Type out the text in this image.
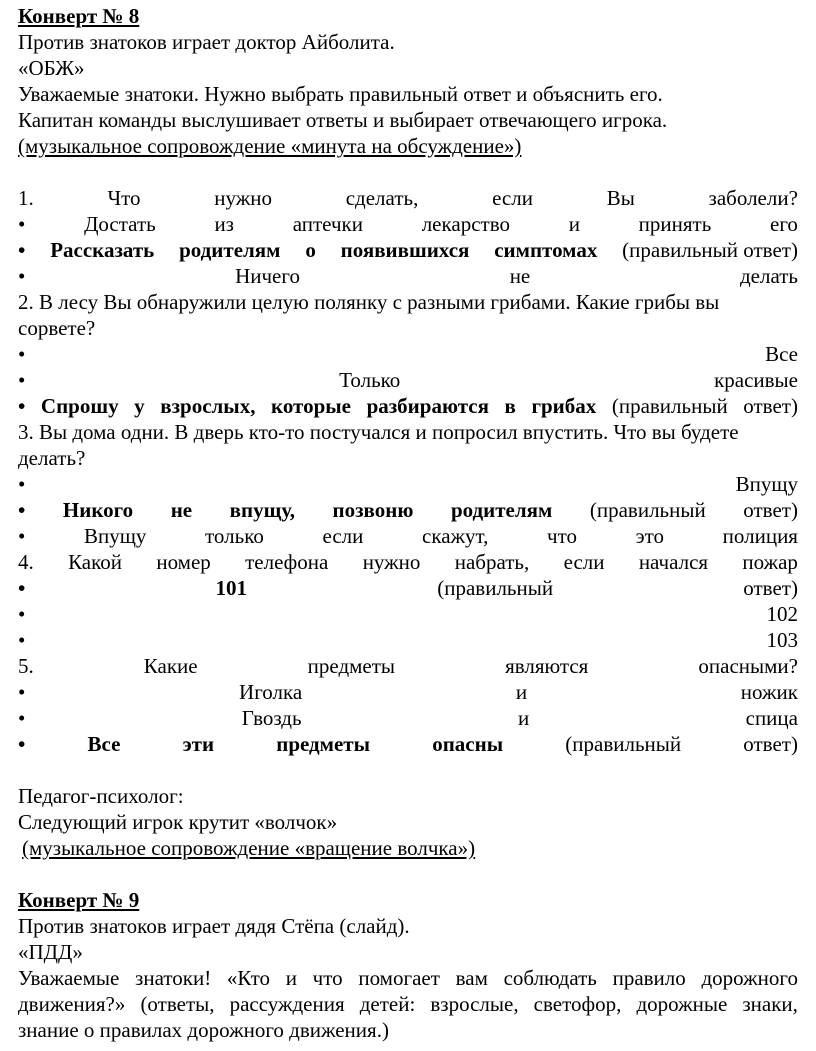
Конверт № 8
Против знатоков играет доктор Айболита.
«ОБЖ»
Уважаемые знатоки. Нужно выбрать правильный ответ и объяснить его.
Капитан команды выслушивает ответы и выбирает отвечающего игрока.
(музыкальное сопровождение «минута на обсуждение»)
1.	Что	нужно	сделать,	если	Вы	заболели?
•	Достать	из	аптечки	лекарство	и	принять	его
• Рассказать родителям о появившихся симптомах (правильный ответ)
•	Ничего	не	делать
2. В лесу Вы обнаружили целую полянку с разными грибами. Какие грибы вы
сорвете?
•	Все
•	Только	красивые
• Спрошу у взрослых, которые разбираются в грибах (правильный ответ)
3. Вы дома одни. В дверь кто-то постучался и попросил впустить. Что вы будете
делать?
•	Впущу
• Никого не впущу, позвоню родителям (правильный ответ)
•	Впущу	только	если	скажут,	что	это	полиция
4. Какой номер телефона нужно набрать, если начался пожар
•	101	(правильный	ответ)
•	102
•	103
5.	Какие	предметы	являются	опасными?
•	Иголка	и	ножик
•	Гвоздь	и	спица
•	Все	эти	предметы	опасны	(правильный	ответ)
Педагог-психолог:
Следующий игрок крутит «волчок»
(музыкальное сопровождение «вращение волчка»)
Конверт № 9
Против знатоков играет дядя Стёпа (слайд).
«ПДД»
Уважаемые знатоки! «Кто и что помогает вам соблюдать правило дорожного
движения?» (ответы, рассуждения детей: взрослые, светофор, дорожные знаки,
знание о правилах дорожного движения.)
